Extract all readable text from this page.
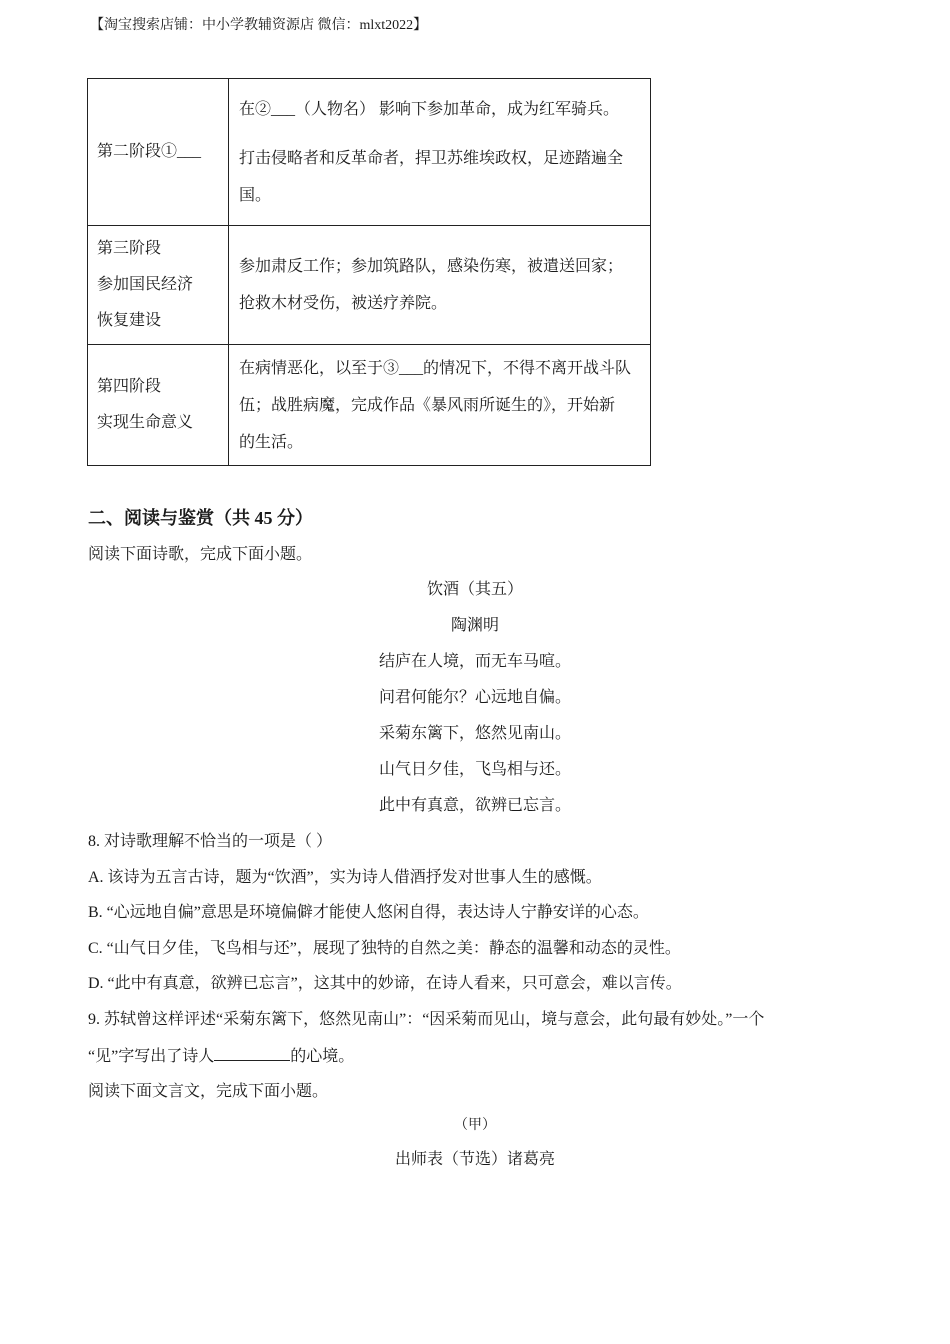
【淘宝搜索店铺：中小学教辅资源店 微信：mlxt2022】
第二阶段①___	在②___（人物名） 影响下参加革命，成为红军骑兵。
打击侵略者和反革命者，捍卫苏维埃政权，足迹踏遍全
国。

第三阶段
参加国民经济
恢复建设	参加肃反工作；参加筑路队，感染伤寒，被遣送回家；
抢救木材受伤，被送疗养院。

第四阶段
实现生命意义	在病情恶化，以至于③___的情况下，不得不离开战斗队
伍；战胜病魔，完成作品《暴风雨所诞生的》，开始新
的生活。
二、阅读与鉴赏（共 45 分）
阅读下面诗歌，完成下面小题。
饮酒（其五）
陶渊明
结庐在人境，而无车马喧。
问君何能尔？心远地自偏。
采菊东篱下，悠然见南山。
山气日夕佳，飞鸟相与还。
此中有真意，欲辨已忘言。
8. 对诗歌理解不恰当的一项是（ ）
A. 该诗为五言古诗，题为“饮酒”，实为诗人借酒抒发对世事人生的感慨。
B. “心远地自偏”意思是环境偏僻才能使人悠闲自得，表达诗人宁静安详的心态。
C. “山气日夕佳，飞鸟相与还”，展现了独特的自然之美：静态的温馨和动态的灵性。
D. “此中有真意，欲辨已忘言”，这其中的妙谛，在诗人看来，只可意会，难以言传。
9. 苏轼曾这样评述“采菊东篱下，悠然见南山”：“因采菊而见山，境与意会，此句最有妙处。”一个
“见”字写出了诗人	的心境。
阅读下面文言文，完成下面小题。
（甲）
出师表（节选）诸葛亮
